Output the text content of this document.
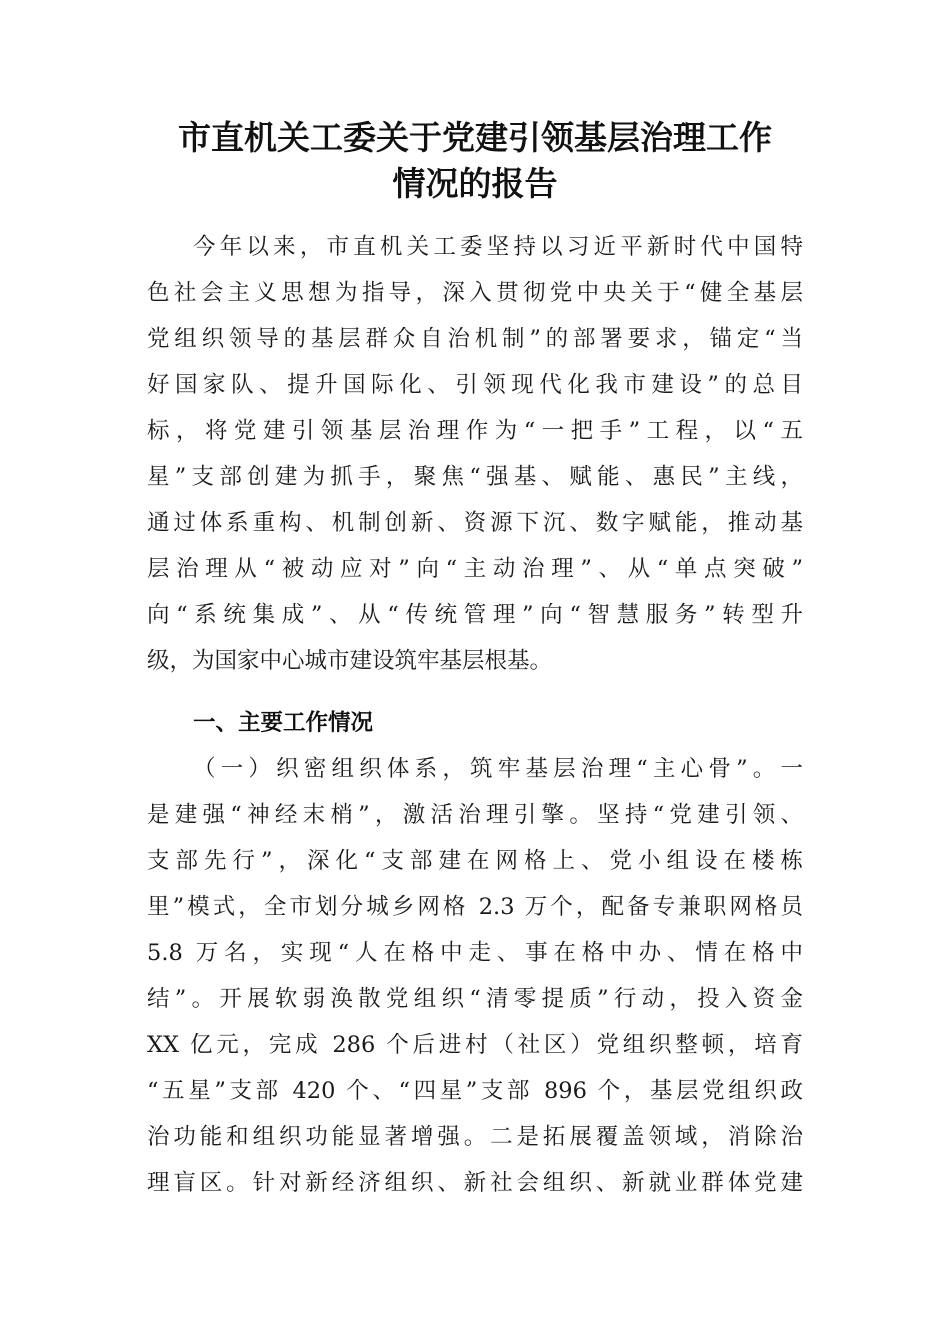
市直机关工委关于党建引领基层治理工作
情况的报告
今年以来，市直机关工委坚持以习近平新时代中国特
色社会主义思想为指导，深入贯彻党中央关于“健全基层
党组织领导的基层群众自治机制”的部署要求，锚定“当
好国家队、提升国际化、引领现代化我市建设”的总目
标，将党建引领基层治理作为“一把手”工程，以“五
星”支部创建为抓手，聚焦“强基、赋能、惠民”主线，
通过体系重构、机制创新、资源下沉、数字赋能，推动基
层治理从“被动应对”向“主动治理”、从“单点突破”
向“系统集成”、从“传统管理”向“智慧服务”转型升
级，为国家中心城市建设筑牢基层根基。
一、主要工作情况
（一）织密组织体系，筑牢基层治理“主心骨”。一
是建强“神经末梢”，激活治理引擎。坚持“党建引领、
支部先行”，深化“支部建在网格上、党小组设在楼栋
里”模式，全市划分城乡网格 2.3 万个，配备专兼职网格员
5.8 万名，实现“人在格中走、事在格中办、情在格中
结”。开展软弱涣散党组织“清零提质”行动，投入资金
XX 亿元，完成 286 个后进村（社区）党组织整顿，培育
“五星”支部 420 个、“四星”支部 896 个，基层党组织政
治功能和组织功能显著增强。二是拓展覆盖领域，消除治
理盲区。针对新经济组织、新社会组织、新就业群体党建
